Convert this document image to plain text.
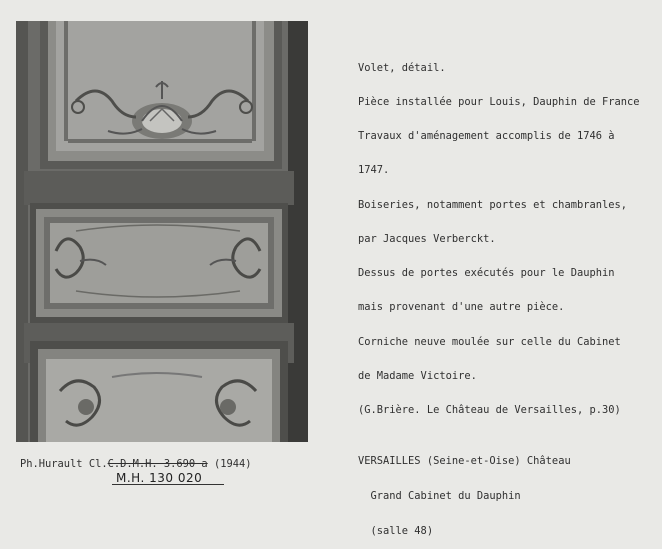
Volet, détail.

Pièce installée pour Louis, Dauphin de France

Travaux d'aménagement accomplis de 1746 à

1747.

Boiseries, notamment portes et chambranles,

par Jacques Verberckt.

Dessus de portes exécutés pour le Dauphin

mais provenant d'une autre pièce.

Corniche neuve moulée sur celle du Cabinet

de Madame Victoire.

(G.Brière. Le Château de Versailles, p.30)

VERSAILLES (Seine-et-Oise) Château

Grand Cabinet du Dauphin

(salle 48)

Ph.Hurault Cl.C.D.M.H. 3.690 a (1944)
M.H. 130 020
